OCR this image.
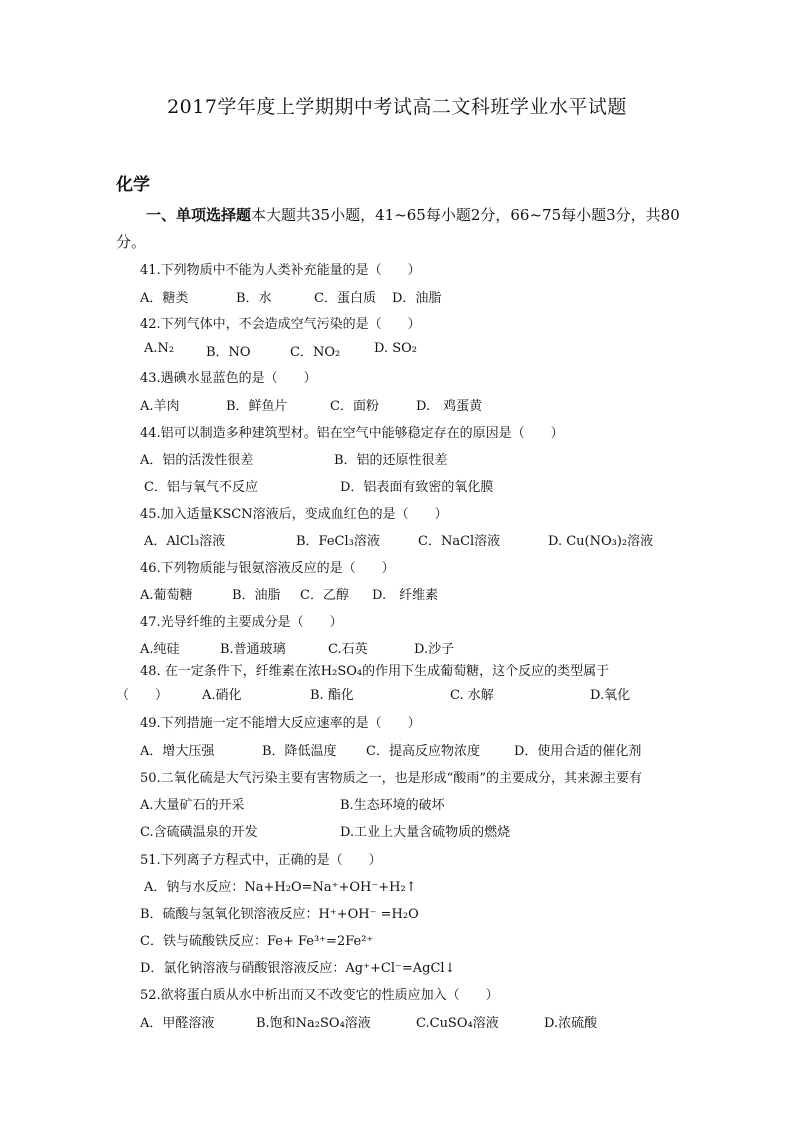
2017学年度上学期期中考试高二文科班学业水平试题
化学
一、单项选择题本大题共35小题，41~65每小题2分，66~75每小题3分，共80分。
41.下列物质中不能为人类补充能量的是（　　）
A．糖类	B．水	C．蛋白质 D．油脂
42.下列气体中，不会造成空气污染的是（　　）
A.N₂ B．NO	C．NO₂	D. SO₂
43.遇碘水显蓝色的是（　　）
A.羊肉	B．鲜鱼片	C．面粉	D.　鸡蛋黄
44.铝可以制造多种建筑型材。铝在空气中能够稳定存在的原因是（　　）
A．铝的活泼性很差	B．铝的还原性很差
C．铝与氧气不反应	D．铝表面有致密的氧化膜
45.加入适量KSCN溶液后，变成血红色的是（　　）
A．AlCl₃溶液	B．FeCl₃溶液	C．NaCl溶液	D. Cu(NO₃)₂溶液
46.下列物质能与银氨溶液反应的是（　　）
A.葡萄糖	B．油脂 C．乙醇 D.　纤维素
47.光导纤维的主要成分是（　　）
A.纯硅	B.普通玻璃	C.石英	D.沙子
48. 在一定条件下，纤维素在浓H₂SO₄的作用下生成葡萄糖，这个反应的类型属于
（　　）	A.硝化	B. 酯化	C. 水解	D.氧化
49.下列措施一定不能增大反应速率的是（　　）
A．增大压强	B．降低温度 C．提高反应物浓度	D．使用合适的催化剂
50.二氧化硫是大气污染主要有害物质之一，也是形成“酸雨”的主要成分，其来源主要有
A.大量矿石的开采	B.生态环境的破坏
C.含硫磺温泉的开发	D.工业上大量含硫物质的燃烧
51.下列离子方程式中，正确的是（　　）
A．钠与水反应：Na+H₂O=Na⁺+OH⁻+H₂↑
B．硫酸与氢氧化钡溶液反应：H⁺+OH⁻ =H₂O
C．铁与硫酸铁反应：Fe+ Fe³⁺=2Fe²⁺
D．氯化钠溶液与硝酸银溶液反应：Ag⁺+Cl⁻=AgCl↓
52.欲将蛋白质从水中析出而又不改变它的性质应加入（　　）
A．甲醛溶液	B.饱和Na₂SO₄溶液	C.CuSO₄溶液	D.浓硫酸
